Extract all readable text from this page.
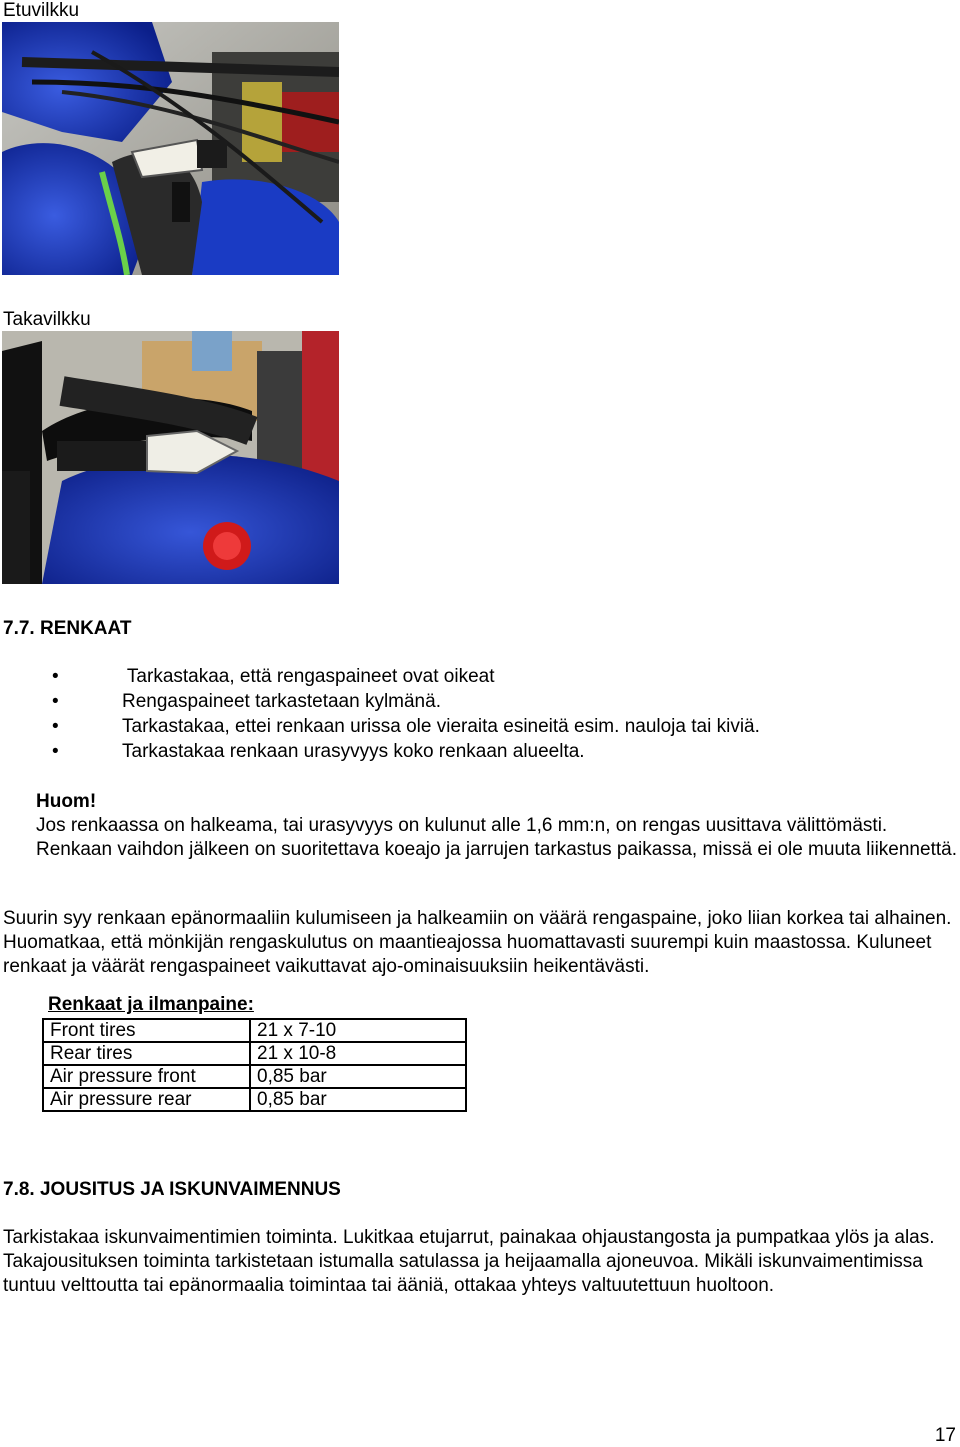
Etuvilkku
Takavilkku
7.7. RENKAAT
•	Tarkastakaa, että rengaspaineet ovat oikeat
•	Rengaspaineet tarkastetaan kylmänä.
•	Tarkastakaa, ettei renkaan urissa ole vieraita esineitä esim. nauloja tai kiviä.
•	Tarkastakaa renkaan urasyvyys koko renkaan alueelta.
Huom!
Jos renkaassa on halkeama, tai urasyvyys on kulunut alle 1,6 mm:n, on rengas uusittava välittömästi. Renkaan vaihdon jälkeen on suoritettava koeajo ja jarrujen tarkastus paikassa, missä ei ole muuta liikennettä.
Suurin syy renkaan epänormaaliin kulumiseen ja halkeamiin on väärä rengaspaine, joko liian korkea tai alhainen. Huomatkaa, että mönkijän rengaskulutus on maantieajossa huomattavasti suurempi kuin maastossa. Kuluneet renkaat ja väärät rengaspaineet vaikuttavat ajo-ominaisuuksiin heikentävästi.
Renkaat ja ilmanpaine:
Front tires	21 x 7-10
Rear tires	21 x 10-8
Air pressure front	0,85 bar
Air pressure rear	0,85 bar
7.8. JOUSITUS JA ISKUNVAIMENNUS
Tarkistakaa iskunvaimentimien toiminta. Lukitkaa etujarrut, painakaa ohjaustangosta ja pumpatkaa ylös ja alas. Takajousituksen toiminta tarkistetaan istumalla satulassa ja heijaamalla ajoneuvoa. Mikäli iskunvaimentimissa tuntuu velttoutta tai epänormaalia toimintaa tai ääniä, ottakaa yhteys valtuutettuun huoltoon.
17
